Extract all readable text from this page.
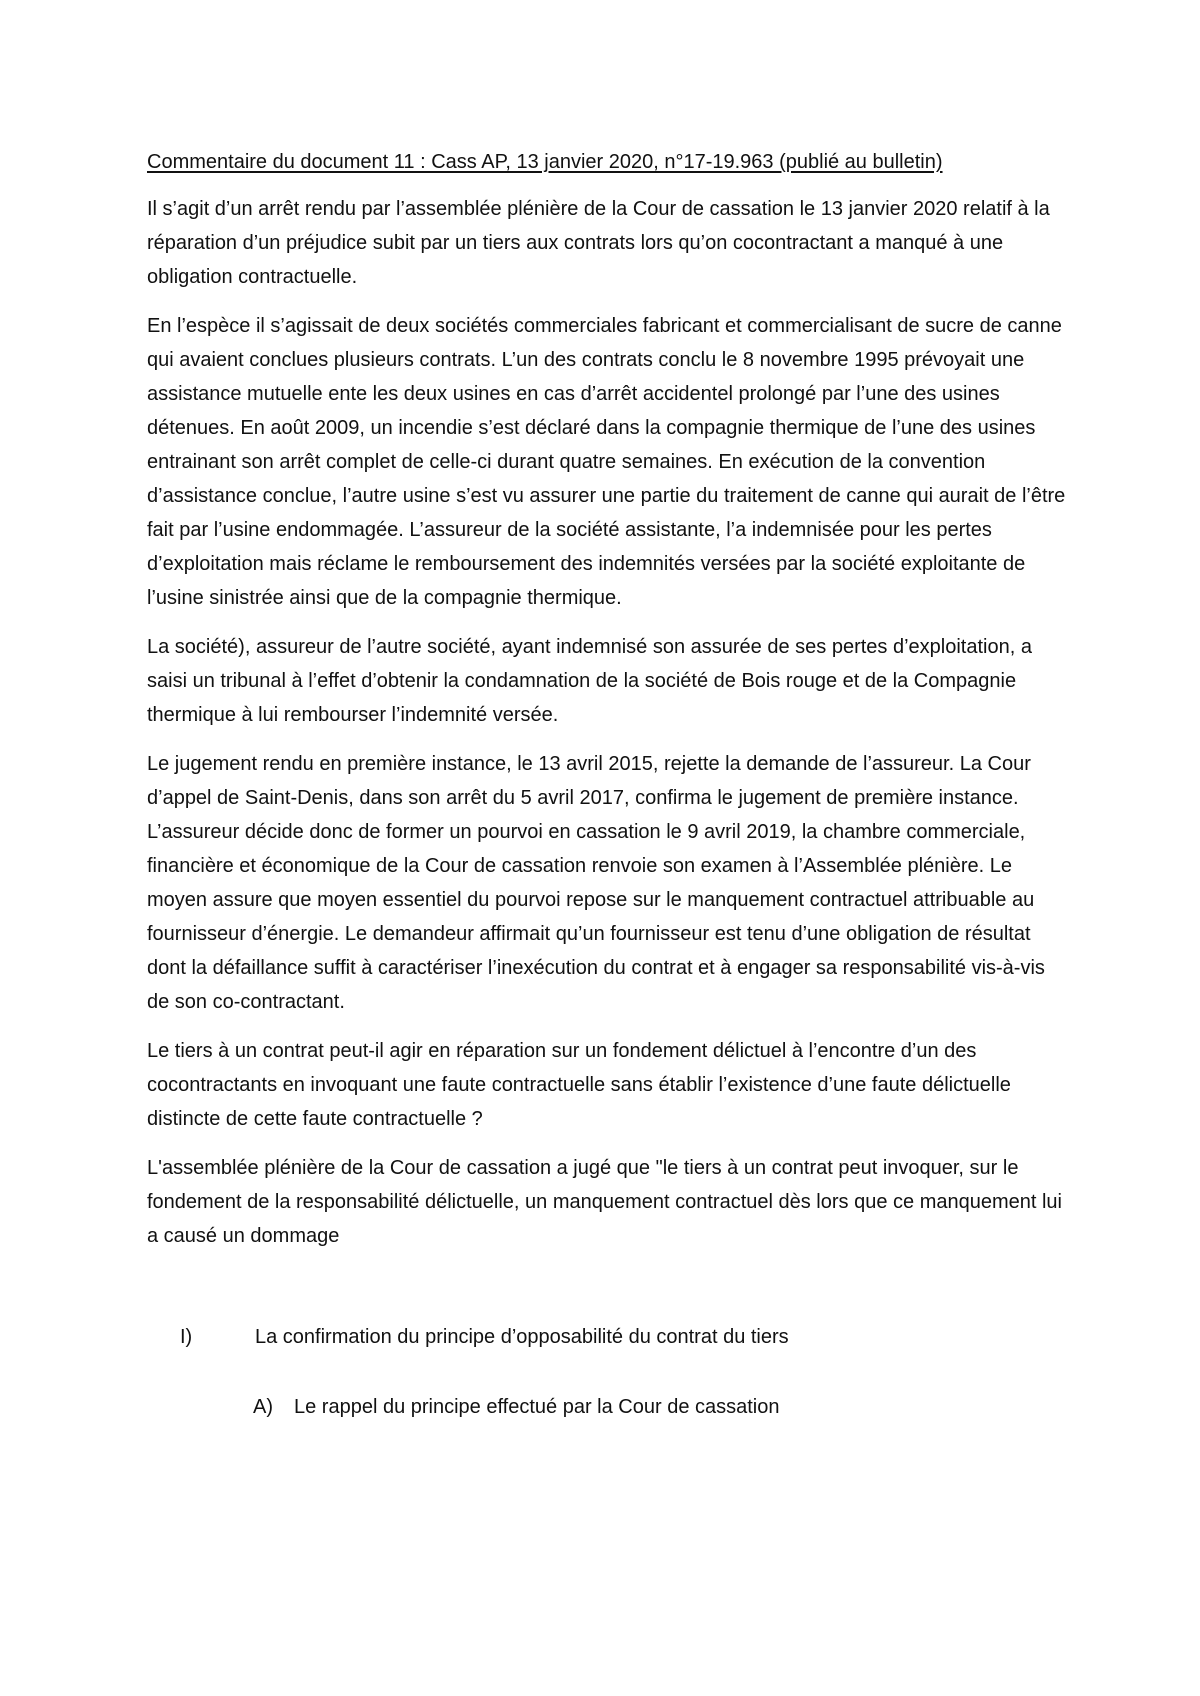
Commentaire du document 11 : Cass AP, 13 janvier 2020, n°17-19.963 (publié au bulletin)

Il s’agit d’un arrêt rendu par l’assemblée plénière de la Cour de cassation le 13 janvier 2020 relatif à la réparation d’un préjudice subit par un tiers aux contrats lors qu’on cocontractant a manqué à une obligation contractuelle.

En l’espèce il s’agissait de deux sociétés commerciales fabricant et commercialisant de sucre de canne qui avaient conclues plusieurs contrats. L’un des contrats conclu le 8 novembre 1995 prévoyait une assistance mutuelle ente les deux usines en cas d’arrêt accidentel prolongé par l’une des usines détenues. En août 2009, un incendie s’est déclaré dans la compagnie thermique de l’une des usines entrainant son arrêt complet de celle-ci durant quatre semaines. En exécution de la convention d’assistance conclue, l’autre usine s’est vu assurer une partie du traitement de canne qui aurait de l’être fait par l’usine endommagée. L’assureur de la société assistante, l’a indemnisée pour les pertes d’exploitation mais réclame le remboursement des indemnités versées par la société exploitante de l’usine sinistrée ainsi que de la compagnie thermique.

La société), assureur de l’autre société, ayant indemnisé son assurée de ses pertes d’exploitation, a saisi un tribunal à l’effet d’obtenir la condamnation de la société de Bois rouge et de la Compagnie thermique à lui rembourser l’indemnité versée.

Le jugement rendu en première instance, le 13 avril 2015, rejette la demande de l’assureur. La Cour d’appel de Saint-Denis, dans son arrêt du 5 avril 2017, confirma le jugement de première instance. L’assureur décide donc de former un pourvoi en cassation le 9 avril 2019, la chambre commerciale, financière et économique de la Cour de cassation renvoie son examen à l’Assemblée plénière. Le moyen assure que moyen essentiel du pourvoi repose sur le manquement contractuel attribuable au fournisseur d’énergie. Le demandeur affirmait qu’un fournisseur est tenu d’une obligation de résultat dont la défaillance suffit à caractériser l’inexécution du contrat et à engager sa responsabilité vis-à-vis de son co-contractant.

Le tiers à un contrat peut-il agir en réparation sur un fondement délictuel à l’encontre d’un des cocontractants en invoquant une faute contractuelle sans établir l’existence d’une faute délictuelle distincte de cette faute contractuelle ?

L'assemblée plénière de la Cour de cassation a jugé que "le tiers à un contrat peut invoquer, sur le fondement de la responsabilité délictuelle, un manquement contractuel dès lors que ce manquement lui a causé un dommage

I)	La confirmation du principe d’opposabilité du contrat du tiers
A) Le rappel du principe effectué par la Cour de cassation
